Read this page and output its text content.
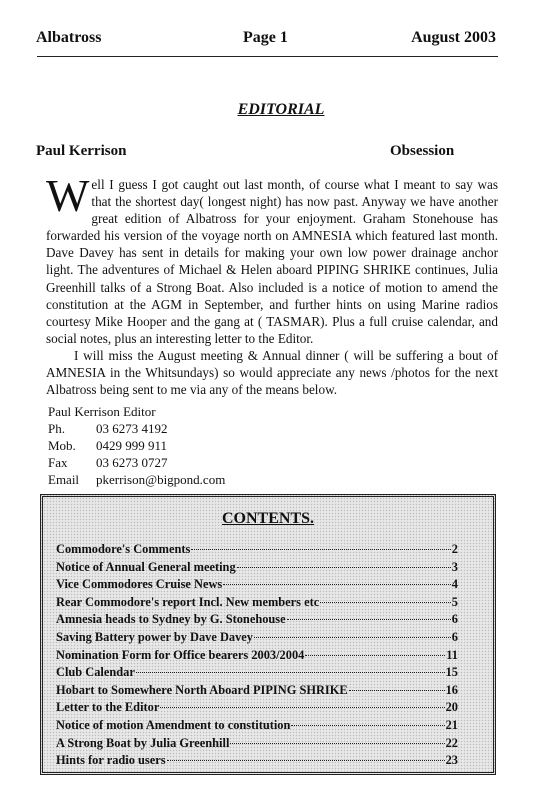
Albatross	Page 1	August 2003
EDITORIAL
Paul Kerrison	Obsession

Well I guess I got caught out last month, of course what I meant to say was that the shortest day( longest night) has now past. Anyway we have another great edition of Albatross for your enjoyment. Graham Stonehouse has forwarded his version of the voyage north on AMNESIA which featured last month. Dave Davey has sent in details for making your own low power drainage anchor light. The adventures of Michael & Helen aboard PIPING SHRIKE continues, Julia Greenhill talks of a Strong Boat. Also included is a notice of motion to amend the constitution at the AGM in September, and further hints on using Marine radios courtesy Mike Hooper and the gang at ( TASMAR). Plus a full cruise calendar, and social notes, plus an interesting letter to the Editor.

I will miss the August meeting & Annual dinner ( will be suffering a bout of AMNESIA in the Whitsundays) so would appreciate any news /photos for the next Albatross being sent to me via any of the means below.

Paul Kerrison Editor
Ph.	03 6273 4192
Mob.	0429 999 911
Fax	03 6273 0727
Email	pkerrison@bigpond.com
CONTENTS.
Commodore's Comments	2
Notice of Annual General meeting	3
Vice Commodores Cruise News	4
Rear Commodore's report Incl. New members etc	5
Amnesia heads to Sydney by G. Stonehouse	6
Saving Battery power by Dave Davey	6
Nomination Form for Office bearers 2003/2004	11
Club Calendar	15
Hobart to Somewhere North Aboard PIPING SHRIKE	16
Letter to the Editor	20
Notice of motion Amendment to constitution	21
A Strong Boat by Julia Greenhill	22
Hints for radio users	23
